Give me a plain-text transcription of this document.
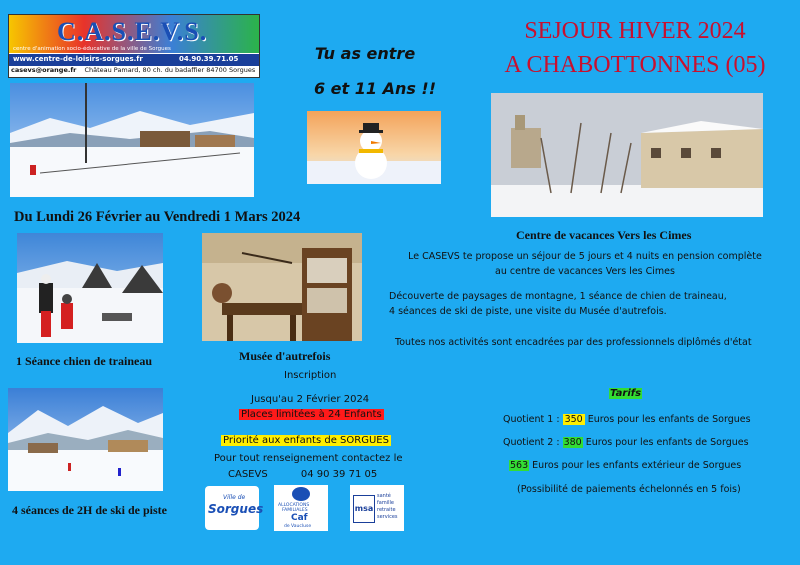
C.A.S.E.V.S.
centre d'animation socio-éducative de la ville de Sorgues
www.centre-de-loisirs-sorgues.fr	04.90.39.71.05
casevs@orange.fr Château Pamard, 80 ch. du badaffier 84700 Sorgues
Tu as entre
6 et 11 Ans !!
SEJOUR HIVER 2024
A CHABOTTONNES (05)
Du Lundi 26 Février au Vendredi 1 Mars 2024
Centre de vacances Vers les Cimes
Le CASEVS te propose un séjour de 5 jours et 4 nuits en pension complète
au centre de vacances Vers les Cimes
Découverte de paysages de montagne, 1 séance de chien de traineau,
4 séances de ski de piste, une visite du Musée d'autrefois.
Toutes nos activités sont encadrées par des professionnels diplômés d'état
1 Séance chien de traineau	Musée d'autrefois
Inscription
Jusqu'au 2 Février 2024
Places limitées à 24 Enfants
Priorité aux enfants de SORGUES
Pour tout renseignement contactez le
CASEVS	04 90 39 71 05
4 séances de 2H de ski de piste
Ville de
Sorgues	ALLOCATIONS
FAMILIALES
Caf
de Vaucluse
msa
santé
famille
retraite
services
Tarifs
Quotient 1 : 350 Euros pour les enfants de Sorgues
Quotient 2 : 380 Euros pour les enfants de Sorgues
563 Euros pour les enfants extérieur de Sorgues
(Possibilité de paiements échelonnés en 5 fois)
